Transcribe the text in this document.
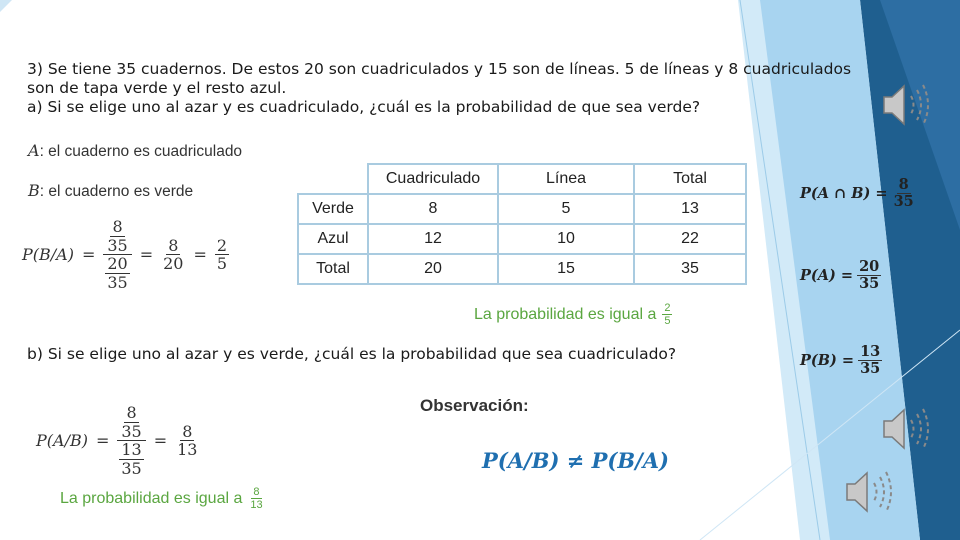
3) Se tiene 35 cuadernos. De estos 20 son cuadriculados y 15 son de líneas. 5 de líneas y 8 cuadriculados
son de tapa verde y el resto azul.
a) Si se elige uno al azar y es cuadriculado, ¿cuál es la probabilidad de que sea verde?
A: el cuaderno es cuadriculado
B: el cuaderno es verde
$P(B/A) = \frac{\frac{8}{35}}{\frac{20}{35}} = \frac{8}{20} = \frac{2}{5}$
	Cuadriculado	Línea	Total
Verde	8	5	13
Azul	12	10	22
Total	20	15	35
La probabilidad es igual a $\frac{2}{5}$
b) Si se elige uno al azar y es verde, ¿cuál es la probabilidad que sea cuadriculado?
$P(A/B) = \frac{\frac{8}{35}}{\frac{13}{35}} = \frac{8}{13}$
La probabilidad es igual a $\frac{8}{13}$
Observación:
P(A/B) ≠ P(B/A)
P(A ∩ $B) = \frac{8}{35}$
$P(A) = \frac{20}{35}$
$P(B) = \frac{13}{35}$
